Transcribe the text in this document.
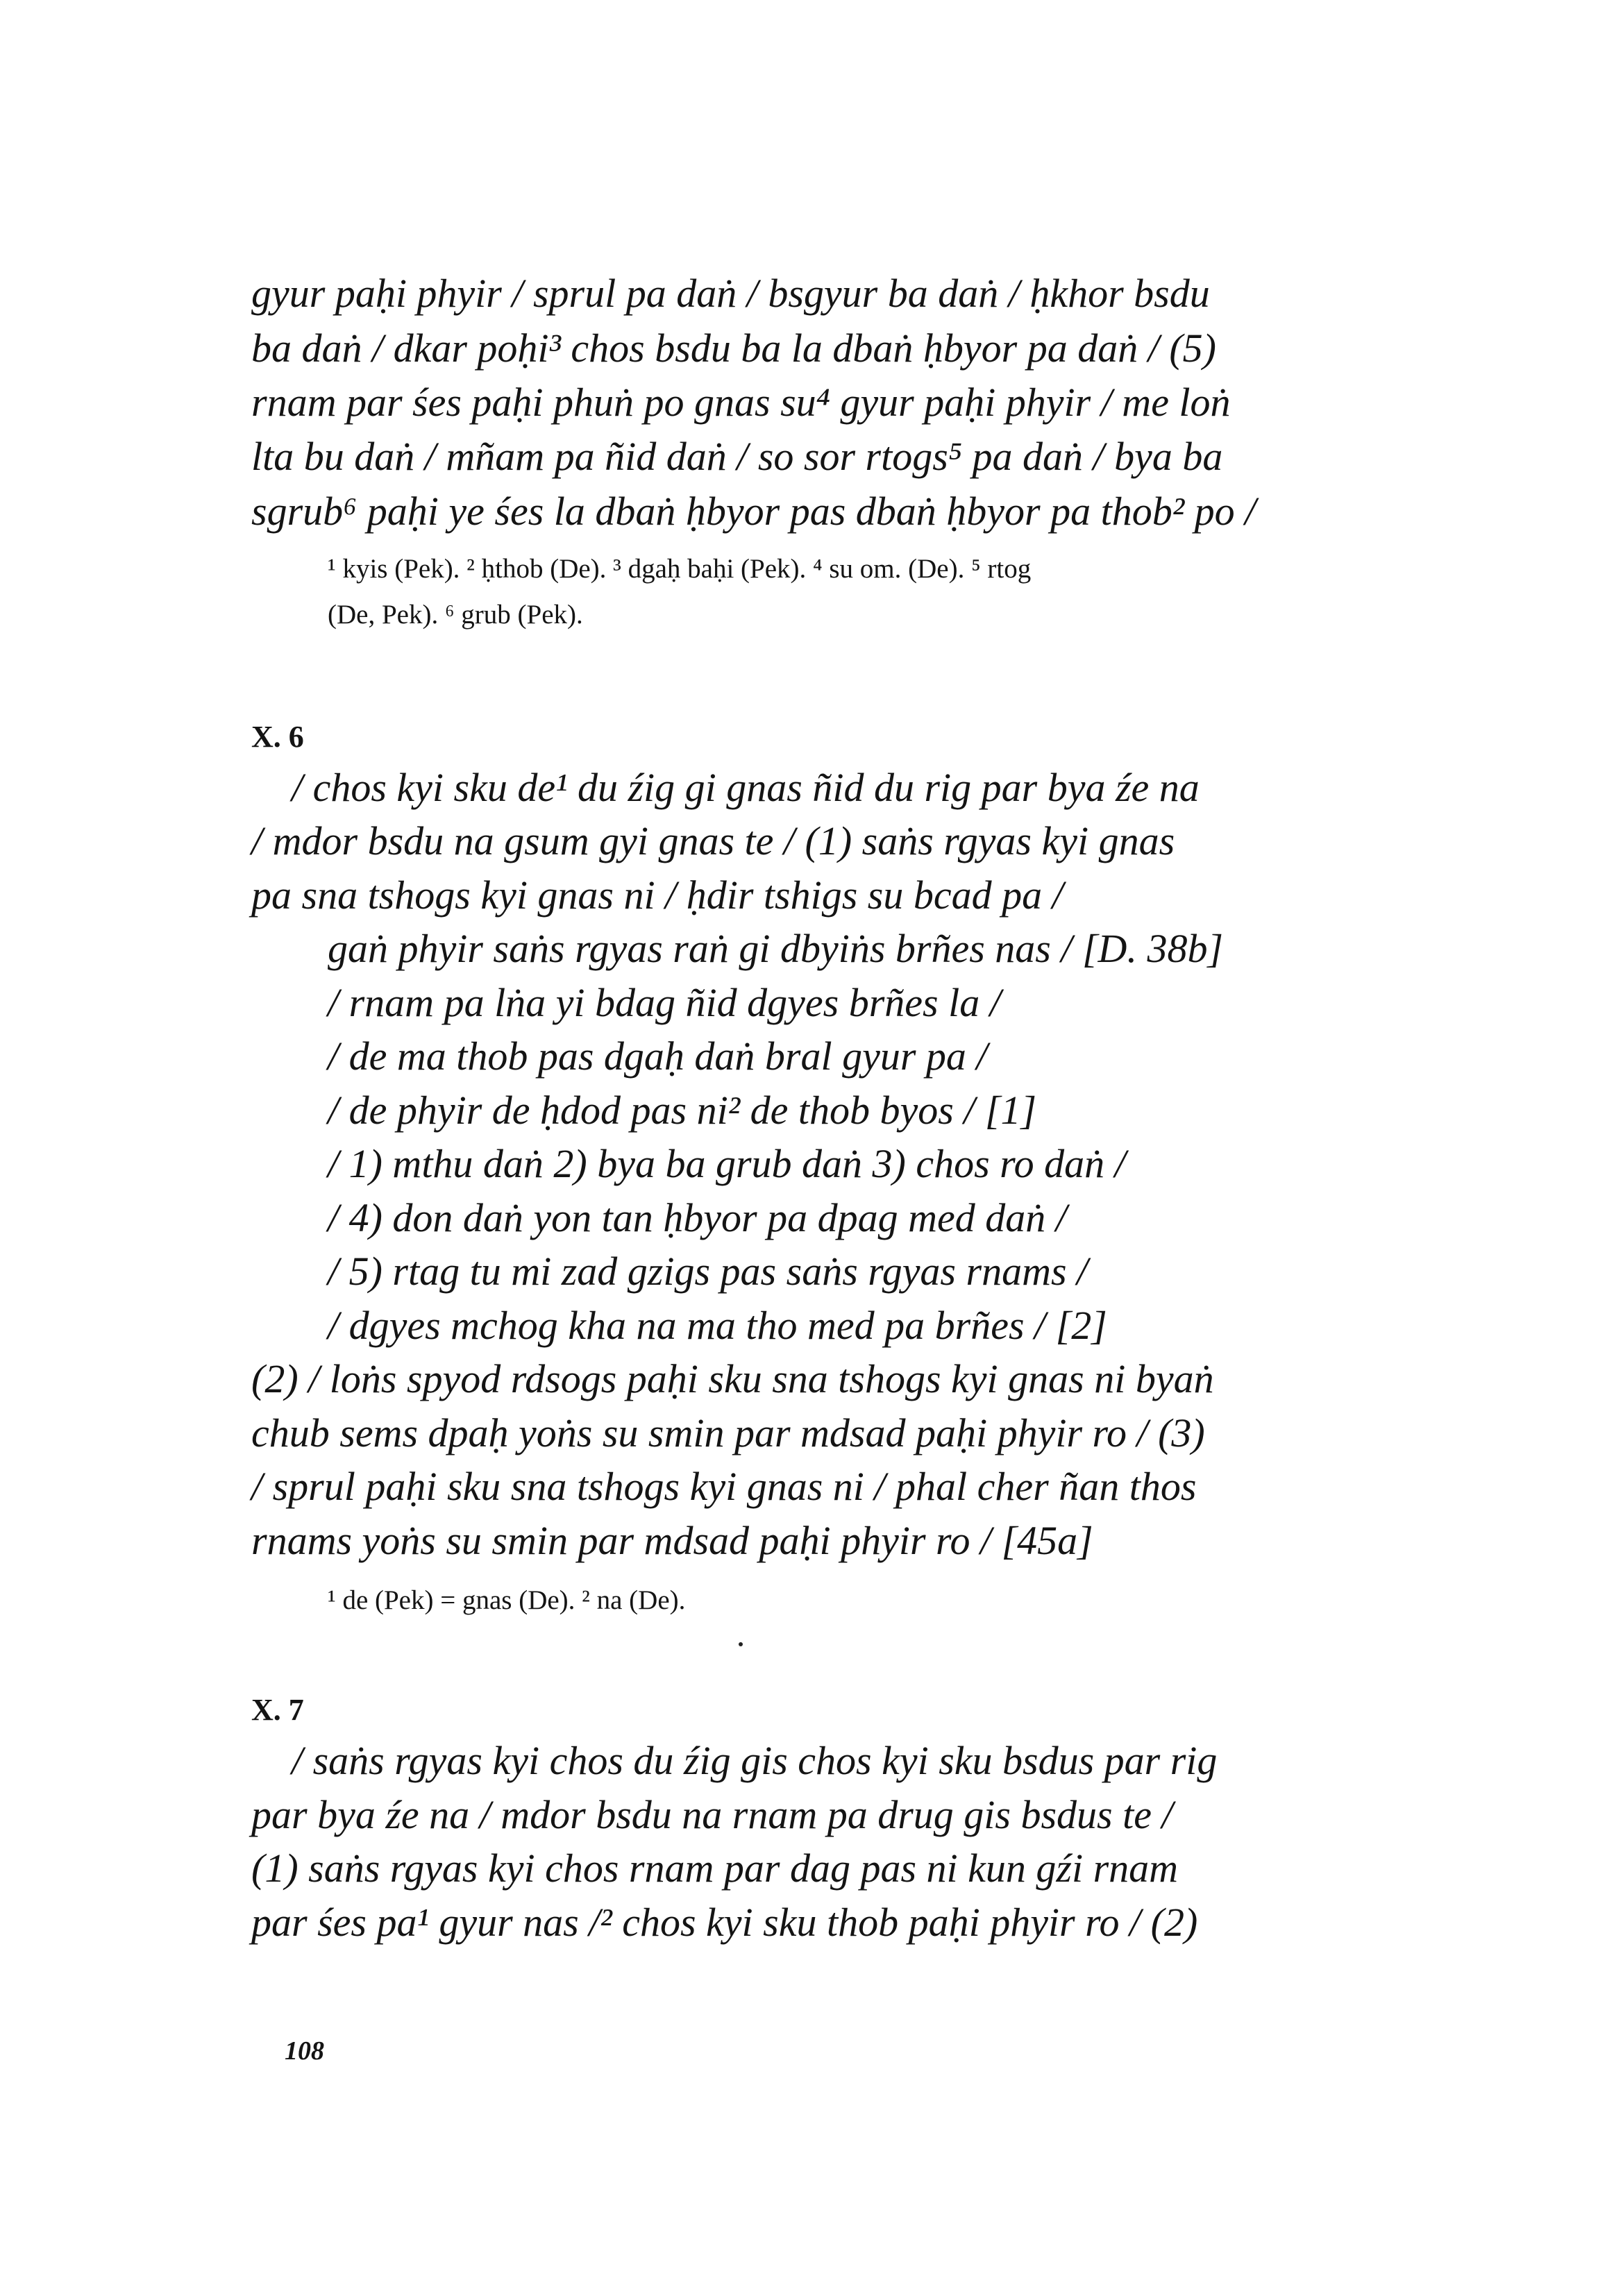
gyur paḥi phyir / sprul pa daṅ / bsgyur ba daṅ / ḥkhor bsdu
ba daṅ / dkar poḥi³ chos bsdu ba la dbaṅ ḥbyor pa daṅ / (5)
rnam par śes paḥi phuṅ po gnas su⁴ gyur paḥi phyir / me loṅ
lta bu daṅ / mñam pa ñid daṅ / so sor rtogs⁵ pa daṅ / bya ba
sgrub⁶ paḥi ye śes la dbaṅ ḥbyor pas dbaṅ ḥbyor pa thob² po /
¹ kyis (Pek). ² ḥthob (De). ³ dgaḥ baḥi (Pek). ⁴ su om. (De). ⁵ rtog
(De, Pek). ⁶ grub (Pek).
X. 6
/ chos kyi sku de¹ du źig gi gnas ñid du rig par bya źe na
/ mdor bsdu na gsum gyi gnas te / (1) saṅs rgyas kyi gnas
pa sna tshogs kyi gnas ni / ḥdir tshigs su bcad pa /
gaṅ phyir saṅs rgyas raṅ gi dbyiṅs brñes nas / [D. 38b]
/ rnam pa lṅa yi bdag ñid dgyes brñes la /
/ de ma thob pas dgaḥ daṅ bral gyur pa /
/ de phyir de ḥdod pas ni² de thob byos / [1]
/ 1) mthu daṅ 2) bya ba grub daṅ 3) chos ro daṅ /
/ 4) don daṅ yon tan ḥbyor pa dpag med daṅ /
/ 5) rtag tu mi zad gzigs pas saṅs rgyas rnams /
/ dgyes mchog kha na ma tho med pa brñes / [2]
(2) / loṅs spyod rdsogs paḥi sku sna tshogs kyi gnas ni byaṅ
chub sems dpaḥ yoṅs su smin par mdsad paḥi phyir ro / (3)
/ sprul paḥi sku sna tshogs kyi gnas ni / phal cher ñan thos
rnams yoṅs su smin par mdsad paḥi phyir ro / [45a]
¹ de (Pek) = gnas (De). ² na (De).
X. 7
/ saṅs rgyas kyi chos du źig gis chos kyi sku bsdus par rig
par bya źe na / mdor bsdu na rnam pa drug gis bsdus te /
(1) saṅs rgyas kyi chos rnam par dag pas ni kun gźi rnam
par śes pa¹ gyur nas /² chos kyi sku thob paḥi phyir ro / (2)
108
